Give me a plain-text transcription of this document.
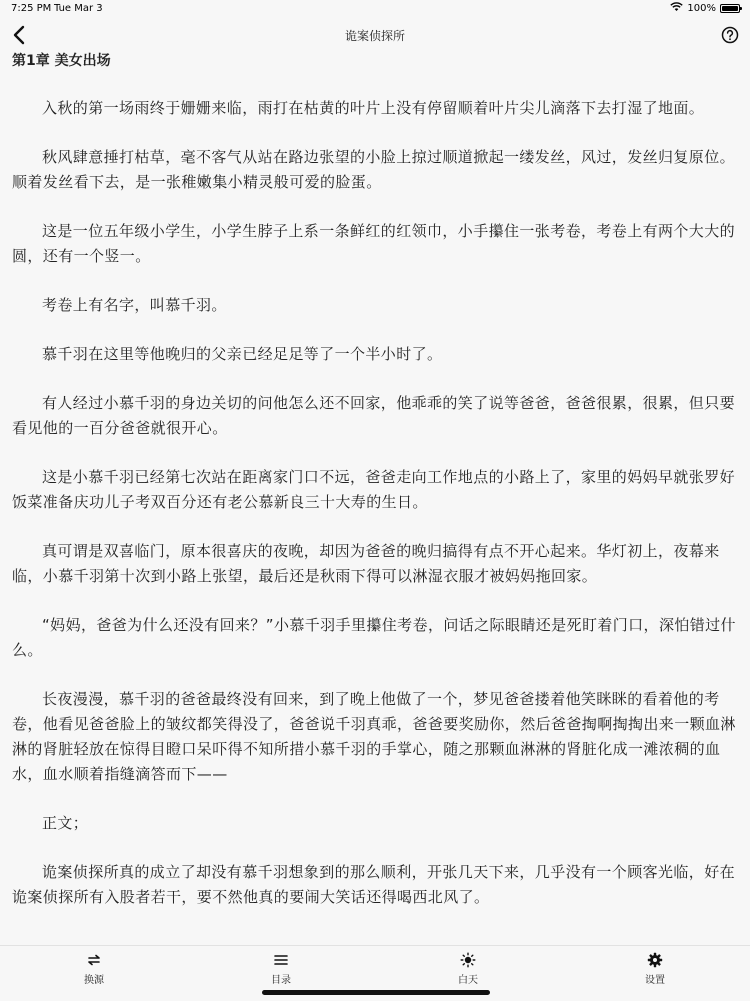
7:25 PM Tue Mar 3	100%
诡案侦探所
第1章 美女出场

入秋的第一场雨终于姗姗来临，雨打在枯黄的叶片上没有停留顺着叶片尖儿滴落下去打湿了地面。

秋风肆意捶打枯草，毫不客气从站在路边张望的小脸上掠过顺道掀起一缕发丝，风过，发丝归复原位。顺着发丝看下去，是一张稚嫩集小精灵般可爱的脸蛋。

这是一位五年级小学生，小学生脖子上系一条鲜红的红领巾，小手攥住一张考卷，考卷上有两个大大的圆，还有一个竖一。

考卷上有名字，叫慕千羽。

慕千羽在这里等他晚归的父亲已经足足等了一个半小时了。

有人经过小慕千羽的身边关切的问他怎么还不回家，他乖乖的笑了说等爸爸，爸爸很累，很累，但只要看见他的一百分爸爸就很开心。

这是小慕千羽已经第七次站在距离家门口不远，爸爸走向工作地点的小路上了，家里的妈妈早就张罗好饭菜准备庆功儿子考双百分还有老公慕新良三十大寿的生日。

真可谓是双喜临门，原本很喜庆的夜晚，却因为爸爸的晚归搞得有点不开心起来。华灯初上，夜幕来临，小慕千羽第十次到小路上张望，最后还是秋雨下得可以淋湿衣服才被妈妈拖回家。

“妈妈，爸爸为什么还没有回来？”小慕千羽手里攥住考卷，问话之际眼睛还是死盯着门口，深怕错过什么。

长夜漫漫，慕千羽的爸爸最终没有回来，到了晚上他做了一个，梦见爸爸搂着他笑眯眯的看着他的考卷，他看见爸爸脸上的皱纹都笑得没了，爸爸说千羽真乖，爸爸要奖励你，然后爸爸掏啊掏掏出来一颗血淋淋的肾脏轻放在惊得目瞪口呆吓得不知所措小慕千羽的手掌心，随之那颗血淋淋的肾脏化成一滩浓稠的血水，血水顺着指缝滴答而下——

正文；

诡案侦探所真的成立了却没有慕千羽想象到的那么顺利，开张几天下来，几乎没有一个顾客光临，好在诡案侦探所有入股者若干，要不然他真的要闹大笑话还得喝西北风了。

换源	目录	白天	设置
